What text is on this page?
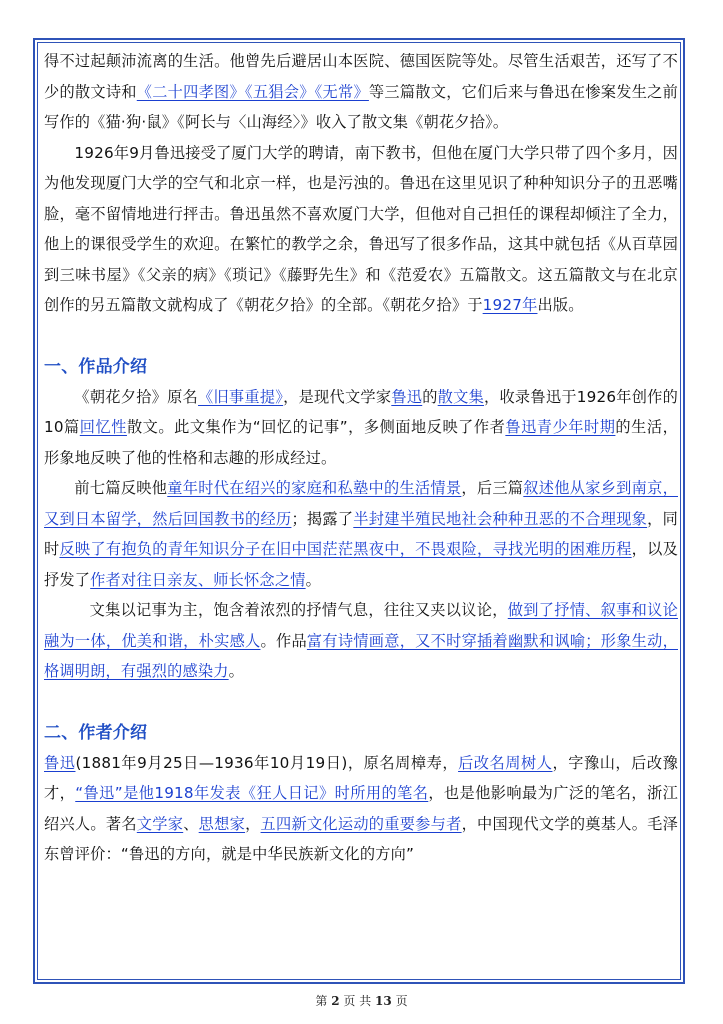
得不过起颠沛流离的生活。他曾先后避居山本医院、德国医院等处。尽管生活艰苦，还写了不少的散文诗和《二十四孝图》《五猖会》《无常》等三篇散文，它们后来与鲁迅在惨案发生之前写作的《猫·狗·鼠》《阿长与〈山海经〉》收入了散文集《朝花夕拾》。

1926年9月鲁迅接受了厦门大学的聘请，南下教书，但他在厦门大学只带了四个多月，因为他发现厦门大学的空气和北京一样，也是污浊的。鲁迅在这里见识了种种知识分子的丑恶嘴脸，毫不留情地进行抨击。鲁迅虽然不喜欢厦门大学，但他对自己担任的课程却倾注了全力，他上的课很受学生的欢迎。在繁忙的教学之余，鲁迅写了很多作品，这其中就包括《从百草园到三味书屋》《父亲的病》《琐记》《藤野先生》和《范爱农》五篇散文。这五篇散文与在北京创作的另五篇散文就构成了《朝花夕拾》的全部。《朝花夕拾》于1927年出版。

一、作品介绍

《朝花夕拾》原名《旧事重提》，是现代文学家鲁迅的散文集，收录鲁迅于1926年创作的10篇回忆性散文。此文集作为“回忆的记事”，多侧面地反映了作者鲁迅青少年时期的生活，形象地反映了他的性格和志趣的形成经过。

前七篇反映他童年时代在绍兴的家庭和私塾中的生活情景，后三篇叙述他从家乡到南京，又到日本留学，然后回国教书的经历；揭露了半封建半殖民地社会种种丑恶的不合理现象，同时反映了有抱负的青年知识分子在旧中国茫茫黑夜中，不畏艰险，寻找光明的困难历程，以及抒发了作者对往日亲友、师长怀念之情。

文集以记事为主，饱含着浓烈的抒情气息，往往又夹以议论，做到了抒情、叙事和议论融为一体，优美和谐，朴实感人。作品富有诗情画意，又不时穿插着幽默和讽喻；形象生动，格调明朗，有强烈的感染力。

二、作者介绍

鲁迅(1881年9月25日—1936年10月19日)，原名周樟寿，后改名周树人，字豫山，后改豫才，“鲁迅”是他1918年发表《狂人日记》时所用的笔名，也是他影响最为广泛的笔名，浙江绍兴人。著名文学家、思想家，五四新文化运动的重要参与者，中国现代文学的奠基人。毛泽东曾评价：“鲁迅的方向，就是中华民族新文化的方向”

第 2 页 共 13 页
